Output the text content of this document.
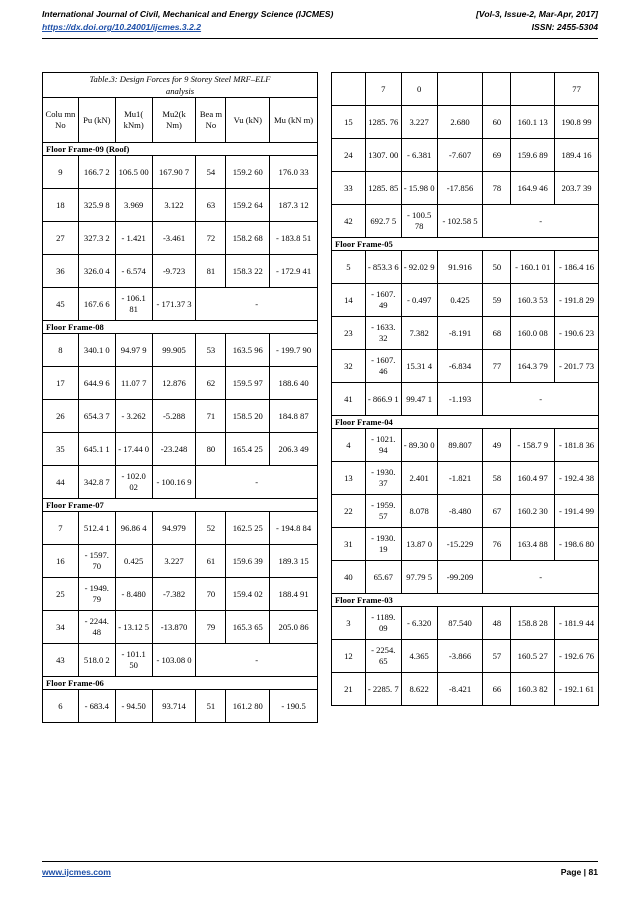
International Journal of Civil, Mechanical and Energy Science (IJCMES)	[Vol-3, Issue-2, Mar-Apr, 2017]
https://dx.doi.org/10.24001/ijcmes.3.2.2	ISSN: 2455-5304
Table.3: Design Forces for 9 Storey Steel MRF–ELF
analysis						

Colu mn No	Pu (kN)	Mu1( kNm)	Mu2(k Nm)	Bea m No	Vu (kN)	Mu (kN m)
Floor Frame-09 (Roof)						
9	166.7 2	106.5 00	167.90 7	54	159.2 60	176.0 33
18	325.9 8	3.969	3.122	63	159.2 64	187.3 12
27	327.3 2	- 1.421	-3.461	72	158.2 68	- 183.8 51
36	326.0 4	- 6.574	-9.723	81	158.3 22	- 172.9 41
45	167.6 6	- 106.1 81	- 171.37 3	-		
Floor Frame-08						
8	340.1 0	94.97 9	99.905	53	163.5 96	- 199.7 90
17	644.9 6	11.07 7	12.876	62	159.5 97	188.6 40
26	654.3 7	- 3.262	-5.288	71	158.5 20	184.8 87
35	645.1 1	- 17.44 0	-23.248	80	165.4 25	206.3 49
44	342.8 7	- 102.0 02	- 100.16 9	-		
Floor Frame-07						
7	512.4 1	96.86 4	94.979	52	162.5 25	- 194.8 84
16	- 1597. 70	0.425	3.227	61	159.6 39	189.3 15
25	- 1949. 79	- 8.480	-7.382	70	159.4 02	188.4 91
34	- 2244. 48	- 13.12 5	-13.870	79	165.3 65	205.0 86
43	518.0 2	- 101.1 50	- 103.08 0	-		
Floor Frame-06						
6	- 683.4	- 94.50	93.714	51	161.2 80	- 190.5
	7	0				77
15	1285. 76	3.227	2.680	60	160.1 13	190.8 99
24	1307. 00	- 6.381	-7.607	69	159.6 89	189.4 16
33	1285. 85	- 15.98 0	-17.856	78	164.9 46	203.7 39
42	692.7 5	- 100.5 78	- 102.58 5	-		
Floor Frame-05						
5	- 853.3 6	- 92.02 9	91.916	50	- 160.1 01	- 186.4 16
14	- 1607. 49	- 0.497	0.425	59	160.3 53	- 191.8 29
23	- 1633. 32	7.382	-8.191	68	160.0 08	- 190.6 23
32	- 1607. 46	15.31 4	-6.834	77	164.3 79	- 201.7 73
41	- 866.9 1	99.47 1	-1.193	-		
Floor Frame-04						
4	- 1021. 94	- 89.30 0	89.807	49	- 158.7 9	- 181.8 36
13	- 1930. 37	2.401	-1.821	58	160.4 97	- 192.4 38
22	- 1959. 57	8.078	-8.480	67	160.2 30	- 191.4 99
31	- 1930. 19	13.87 0	-15.229	76	163.4 88	- 198.6 80
40	65.67	97.79 5	-99.209	-		
Floor Frame-03						
3	- 1189. 09	- 6.320	87.540	48	158.8 28	- 181.9 44
12	- 2254. 65	4.365	-3.866	57	160.5 27	- 192.6 76
21	- 2285. 7	8.622	-8.421	66	160.3 82	- 192.1 61
www.ijcmes.com	Page | 81
